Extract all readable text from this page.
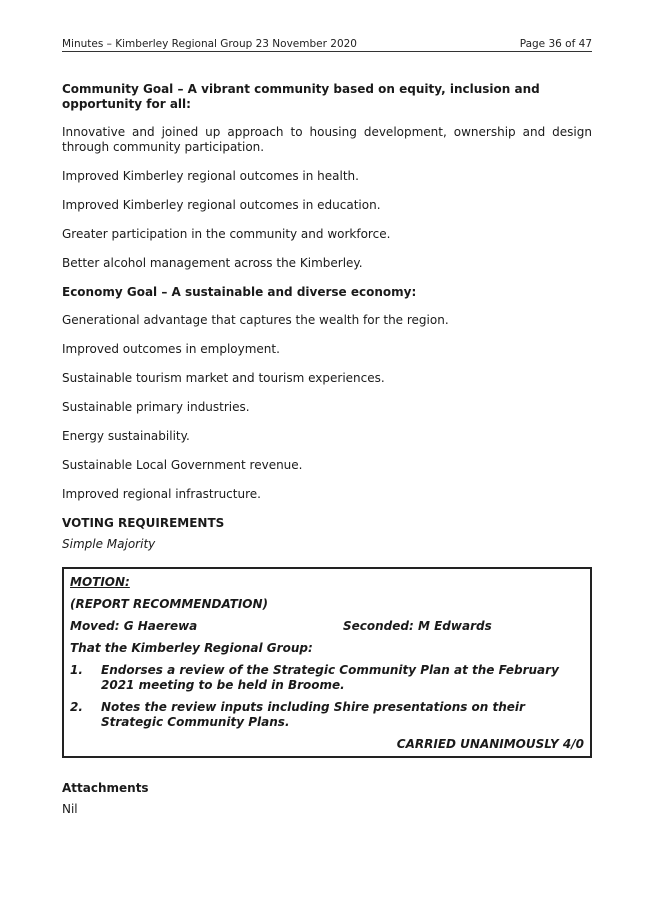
Minutes – Kimberley Regional Group 23 November 2020	Page 36 of 47

Community Goal – A vibrant community based on equity, inclusion and opportunity for all:

Innovative and joined up approach to housing development, ownership and design through community participation.

Improved Kimberley regional outcomes in health.

Improved Kimberley regional outcomes in education.

Greater participation in the community and workforce.

Better alcohol management across the Kimberley.

Economy Goal – A sustainable and diverse economy:

Generational advantage that captures the wealth for the region.

Improved outcomes in employment.

Sustainable tourism market and tourism experiences.

Sustainable primary industries.

Energy sustainability.

Sustainable Local Government revenue.

Improved regional infrastructure.

VOTING REQUIREMENTS

Simple Majority

MOTION:

(REPORT RECOMMENDATION)

Moved: G Haerewa	Seconded: M Edwards

That the Kimberley Regional Group:

1.	Endorses a review of the Strategic Community Plan at the February 2021 meeting to be held in Broome.
2.	Notes the review inputs including Shire presentations on their Strategic Community Plans.

CARRIED UNANIMOUSLY 4/0

Attachments

Nil
